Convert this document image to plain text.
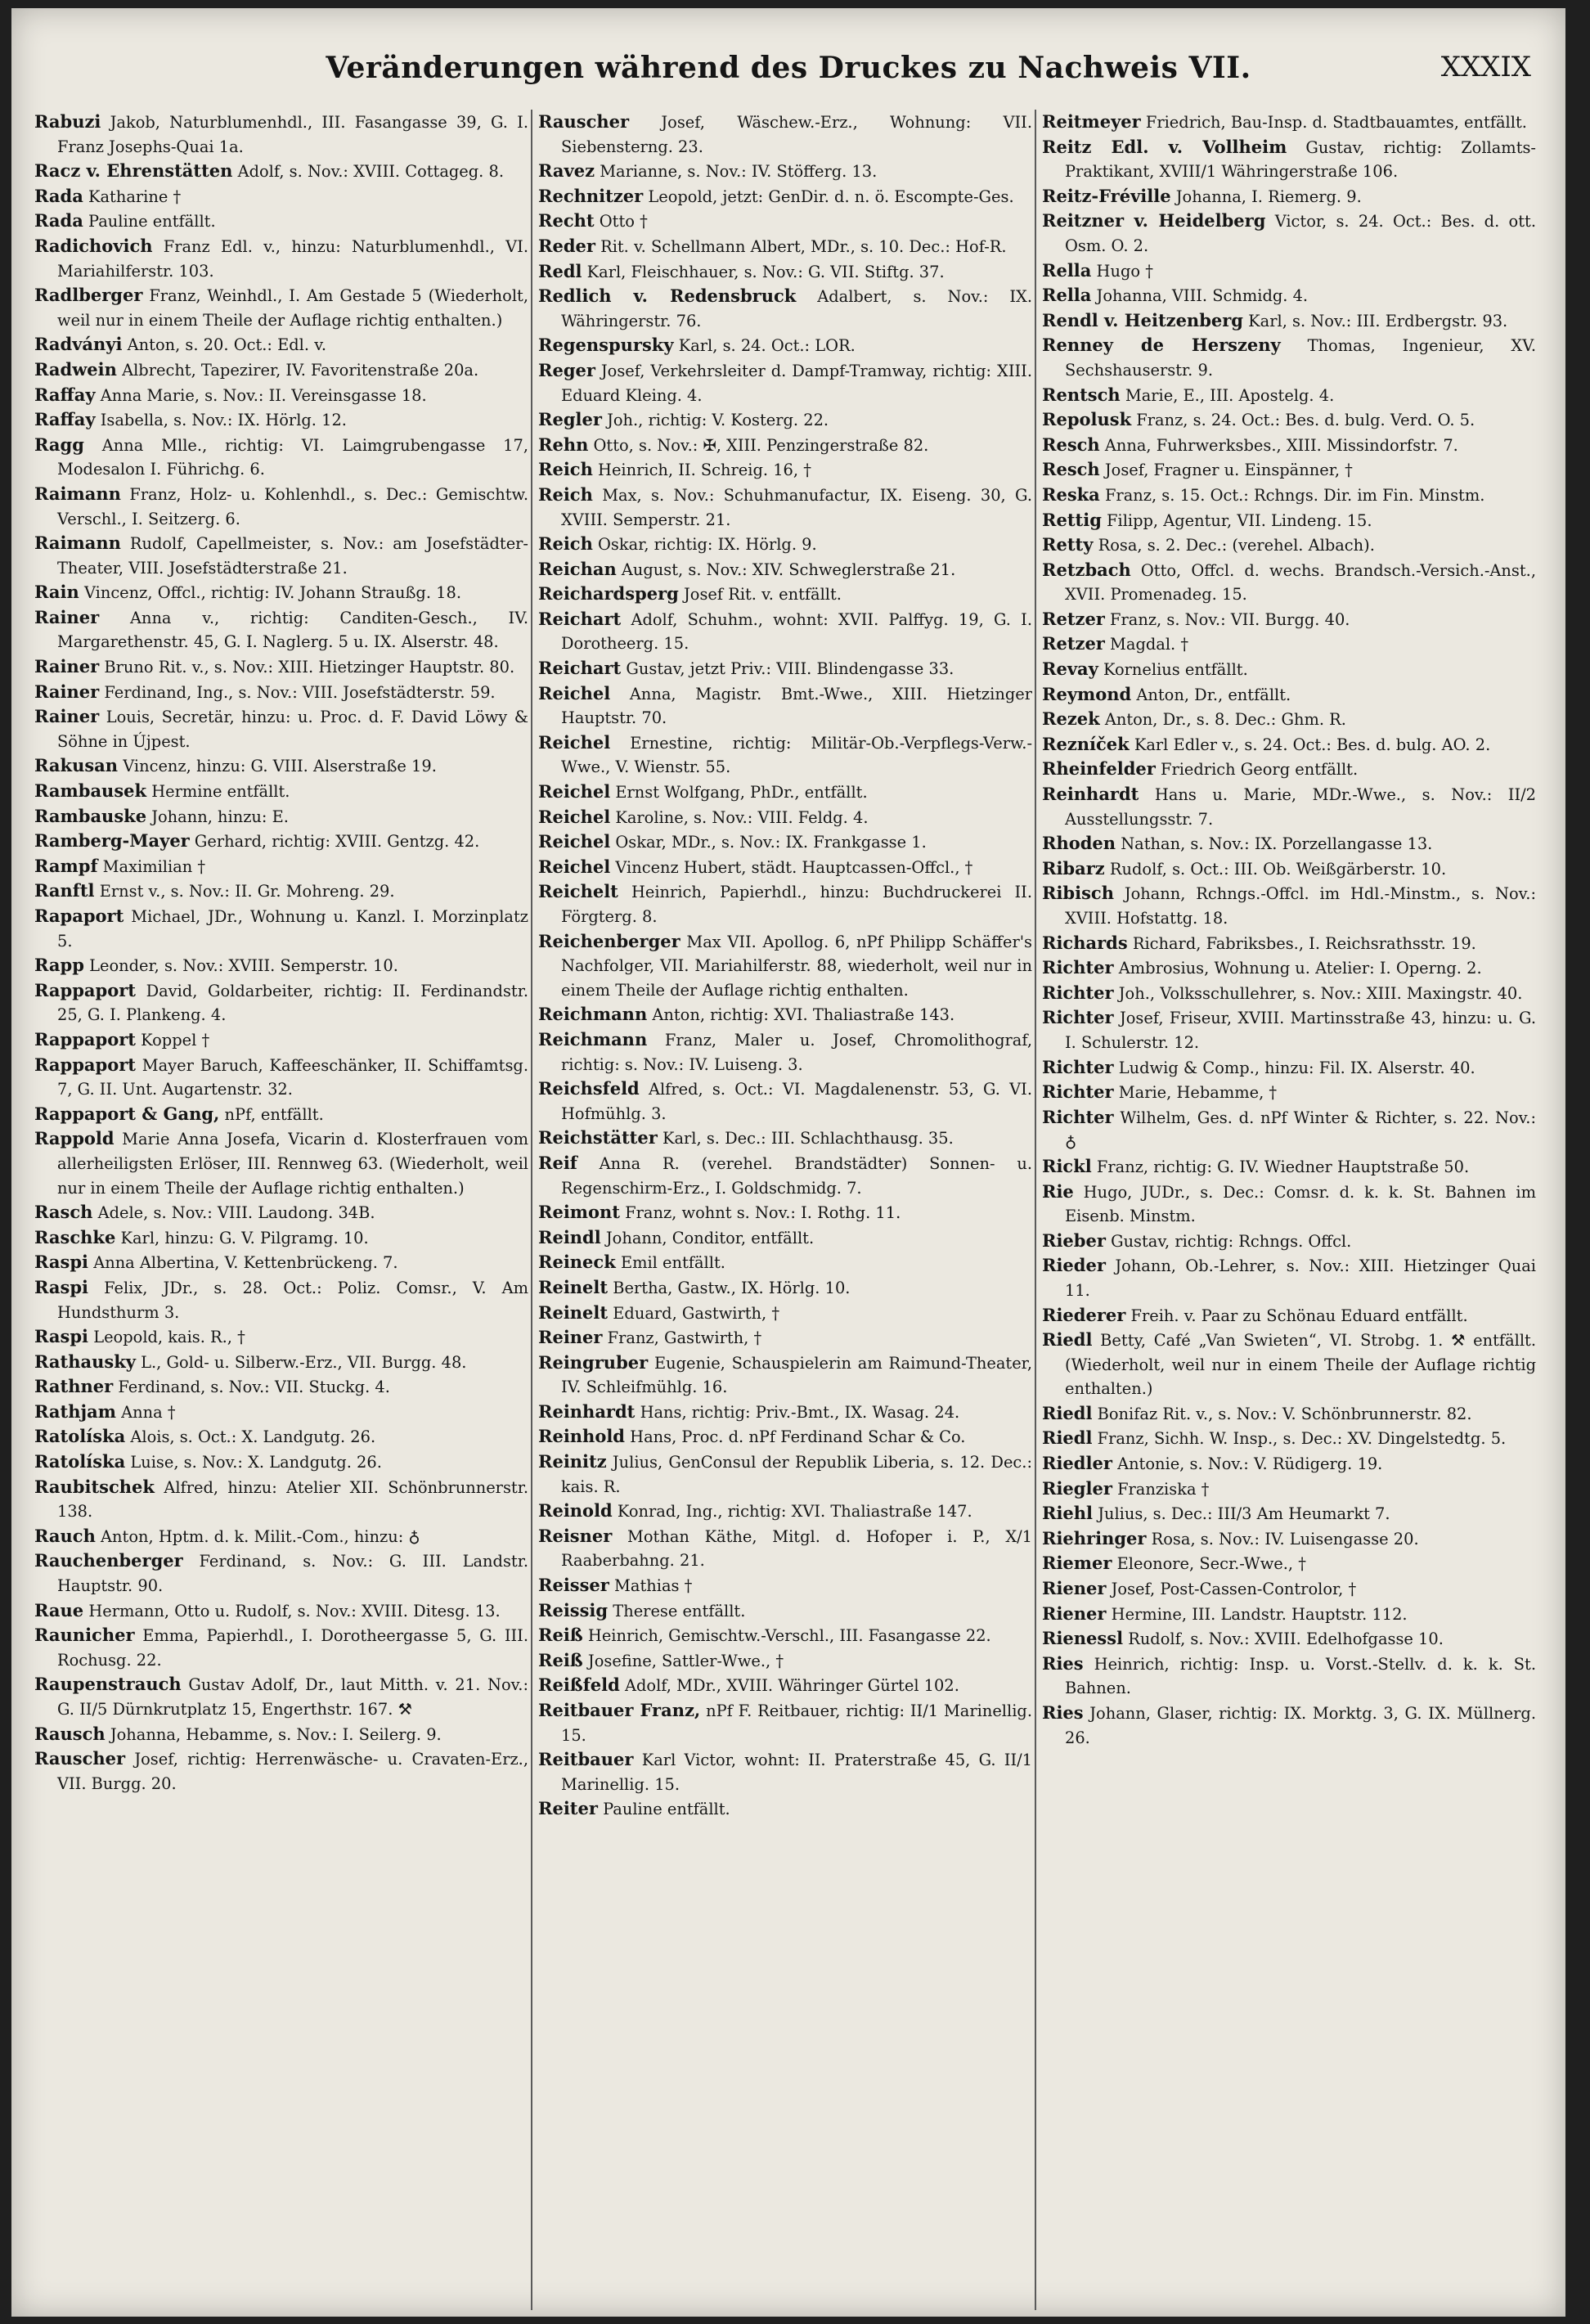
Veränderungen während des Druckes zu Nachweis VII.	XXXIX

Rabuzi Jakob, Naturblumenhdl., III. Fasangasse 39, G. I. Franz Josephs-Quai 1a.

Racz v. Ehrenstätten Adolf, s. Nov.: XVIII. Cottageg. 8.

Rada Katharine †

Rada Pauline entfällt.

Radichovich Franz Edl. v., hinzu: Naturblumenhdl., VI. Mariahilferstr. 103.

Radlberger Franz, Weinhdl., I. Am Gestade 5 (Wiederholt, weil nur in einem Theile der Auflage richtig enthalten.)

Radványi Anton, s. 20. Oct.: Edl. v.

Radwein Albrecht, Tapezirer, IV. Favoritenstraße 20a.

Raffay Anna Marie, s. Nov.: II. Vereinsgasse 18.

Raffay Isabella, s. Nov.: IX. Hörlg. 12.

Ragg Anna Mlle., richtig: VI. Laimgrubengasse 17, Modesalon I. Führichg. 6.

Raimann Franz, Holz- u. Kohlenhdl., s. Dec.: Gemischtw. Verschl., I. Seitzerg. 6.

Raimann Rudolf, Capellmeister, s. Nov.: am Josefstädter-Theater, VIII. Josefstädterstraße 21.

Rain Vincenz, Offcl., richtig: IV. Johann Straußg. 18.

Rainer Anna v., richtig: Canditen-Gesch., IV. Margarethenstr. 45, G. I. Naglerg. 5 u. IX. Alserstr. 48.

Rainer Bruno Rit. v., s. Nov.: XIII. Hietzinger Hauptstr. 80.

Rainer Ferdinand, Ing., s. Nov.: VIII. Josefstädterstr. 59.

Rainer Louis, Secretär, hinzu: u. Proc. d. F. David Löwy & Söhne in Újpest.

Rakusan Vincenz, hinzu: G. VIII. Alserstraße 19.

Rambausek Hermine entfällt.

Rambauske Johann, hinzu: E.

Ramberg-Mayer Gerhard, richtig: XVIII. Gentzg. 42.

Rampf Maximilian †

Ranftl Ernst v., s. Nov.: II. Gr. Mohreng. 29.

Rapaport Michael, JDr., Wohnung u. Kanzl. I. Morzinplatz 5.

Rapp Leonder, s. Nov.: XVIII. Semperstr. 10.

Rappaport David, Goldarbeiter, richtig: II. Ferdinandstr. 25, G. I. Plankeng. 4.

Rappaport Koppel †

Rappaport Mayer Baruch, Kaffeeschänker, II. Schiffamtsg. 7, G. II. Unt. Augartenstr. 32.

Rappaport & Gang, nPf, entfällt.

Rappold Marie Anna Josefa, Vicarin d. Klosterfrauen vom allerheiligsten Erlöser, III. Rennweg 63. (Wiederholt, weil nur in einem Theile der Auflage richtig enthalten.)

Rasch Adele, s. Nov.: VIII. Laudong. 34B.

Raschke Karl, hinzu: G. V. Pilgramg. 10.

Raspi Anna Albertina, V. Kettenbrückeng. 7.

Raspi Felix, JDr., s. 28. Oct.: Poliz. Comsr., V. Am Hundsthurm 3.

Raspi Leopold, kais. R., †

Rathausky L., Gold- u. Silberw.-Erz., VII. Burgg. 48.

Rathner Ferdinand, s. Nov.: VII. Stuckg. 4.

Rathjam Anna †

Ratolíska Alois, s. Oct.: X. Landgutg. 26.

Ratolíska Luise, s. Nov.: X. Landgutg. 26.

Raubitschek Alfred, hinzu: Atelier XII. Schönbrunnerstr. 138.

Rauch Anton, Hptm. d. k. Milit.-Com., hinzu: ♁

Rauchenberger Ferdinand, s. Nov.: G. III. Landstr. Hauptstr. 90.

Raue Hermann, Otto u. Rudolf, s. Nov.: XVIII. Ditesg. 13.

Raunicher Emma, Papierhdl., I. Dorotheergasse 5, G. III. Rochusg. 22.

Raupenstrauch Gustav Adolf, Dr., laut Mitth. v. 21. Nov.: G. II/5 Dürnkrutplatz 15, Engerthstr. 167. ⚒

Rausch Johanna, Hebamme, s. Nov.: I. Seilerg. 9.

Rauscher Josef, richtig: Herrenwäsche- u. Cravaten-Erz., VII. Burgg. 20.

Rauscher Josef, Wäschew.-Erz., Wohnung: VII. Siebensterng. 23.

Ravez Marianne, s. Nov.: IV. Stöfferg. 13.

Rechnitzer Leopold, jetzt: GenDir. d. n. ö. Escompte-Ges.

Recht Otto †

Reder Rit. v. Schellmann Albert, MDr., s. 10. Dec.: Hof-R.

Redl Karl, Fleischhauer, s. Nov.: G. VII. Stiftg. 37.

Redlich v. Redensbruck Adalbert, s. Nov.: IX. Währingerstr. 76.

Regenspursky Karl, s. 24. Oct.: LOR.

Reger Josef, Verkehrsleiter d. Dampf-Tramway, richtig: XIII. Eduard Kleing. 4.

Regler Joh., richtig: V. Kosterg. 22.

Rehn Otto, s. Nov.: ✠, XIII. Penzingerstraße 82.

Reich Heinrich, II. Schreig. 16, †

Reich Max, s. Nov.: Schuhmanufactur, IX. Eiseng. 30, G. XVIII. Semperstr. 21.

Reich Oskar, richtig: IX. Hörlg. 9.

Reichan August, s. Nov.: XIV. Schweglerstraße 21.

Reichardsperg Josef Rit. v. entfällt.

Reichart Adolf, Schuhm., wohnt: XVII. Palffyg. 19, G. I. Dorotheerg. 15.

Reichart Gustav, jetzt Priv.: VIII. Blindengasse 33.

Reichel Anna, Magistr. Bmt.-Wwe., XIII. Hietzinger Hauptstr. 70.

Reichel Ernestine, richtig: Militär-Ob.-Verpflegs-Verw.-Wwe., V. Wienstr. 55.

Reichel Ernst Wolfgang, PhDr., entfällt.

Reichel Karoline, s. Nov.: VIII. Feldg. 4.

Reichel Oskar, MDr., s. Nov.: IX. Frankgasse 1.

Reichel Vincenz Hubert, städt. Hauptcassen-Offcl., †

Reichelt Heinrich, Papierhdl., hinzu: Buchdruckerei II. Förgterg. 8.

Reichenberger Max VII. Apollog. 6, nPf Philipp Schäffer's Nachfolger, VII. Mariahilferstr. 88, wiederholt, weil nur in einem Theile der Auflage richtig enthalten.

Reichmann Anton, richtig: XVI. Thaliastraße 143.

Reichmann Franz, Maler u. Josef, Chromolithograf, richtig: s. Nov.: IV. Luiseng. 3.

Reichsfeld Alfred, s. Oct.: VI. Magdalenenstr. 53, G. VI. Hofmühlg. 3.

Reichstätter Karl, s. Dec.: III. Schlachthausg. 35.

Reif Anna R. (verehel. Brandstädter) Sonnen- u. Regenschirm-Erz., I. Goldschmidg. 7.

Reimont Franz, wohnt s. Nov.: I. Rothg. 11.

Reindl Johann, Conditor, entfällt.

Reineck Emil entfällt.

Reinelt Bertha, Gastw., IX. Hörlg. 10.

Reinelt Eduard, Gastwirth, †

Reiner Franz, Gastwirth, †

Reingruber Eugenie, Schauspielerin am Raimund-Theater, IV. Schleifmühlg. 16.

Reinhardt Hans, richtig: Priv.-Bmt., IX. Wasag. 24.

Reinhold Hans, Proc. d. nPf Ferdinand Schar & Co.

Reinitz Julius, GenConsul der Republik Liberia, s. 12. Dec.: kais. R.

Reinold Konrad, Ing., richtig: XVI. Thaliastraße 147.

Reisner Mothan Käthe, Mitgl. d. Hofoper i. P., X/1 Raaberbahng. 21.

Reisser Mathias †

Reissig Therese entfällt.

Reiß Heinrich, Gemischtw.-Verschl., III. Fasangasse 22.

Reiß Josefine, Sattler-Wwe., †

Reißfeld Adolf, MDr., XVIII. Währinger Gürtel 102.

Reitbauer Franz, nPf F. Reitbauer, richtig: II/1 Marinellig. 15.

Reitbauer Karl Victor, wohnt: II. Praterstraße 45, G. II/1 Marinellig. 15.

Reiter Pauline entfällt.

Reitmeyer Friedrich, Bau-Insp. d. Stadtbauamtes, entfällt.

Reitz Edl. v. Vollheim Gustav, richtig: Zollamts-Praktikant, XVIII/1 Währingerstraße 106.

Reitz-Fréville Johanna, I. Riemerg. 9.

Reitzner v. Heidelberg Victor, s. 24. Oct.: Bes. d. ott. Osm. O. 2.

Rella Hugo †

Rella Johanna, VIII. Schmidg. 4.

Rendl v. Heitzenberg Karl, s. Nov.: III. Erdbergstr. 93.

Renney de Herszeny Thomas, Ingenieur, XV. Sechshauserstr. 9.

Rentsch Marie, E., III. Apostelg. 4.

Repolusk Franz, s. 24. Oct.: Bes. d. bulg. Verd. O. 5.

Resch Anna, Fuhrwerksbes., XIII. Missindorfstr. 7.

Resch Josef, Fragner u. Einspänner, †

Reska Franz, s. 15. Oct.: Rchngs. Dir. im Fin. Minstm.

Rettig Filipp, Agentur, VII. Lindeng. 15.

Retty Rosa, s. 2. Dec.: (verehel. Albach).

Retzbach Otto, Offcl. d. wechs. Brandsch.-Versich.-Anst., XVII. Promenadeg. 15.

Retzer Franz, s. Nov.: VII. Burgg. 40.

Retzer Magdal. †

Revay Kornelius entfällt.

Reymond Anton, Dr., entfällt.

Rezek Anton, Dr., s. 8. Dec.: Ghm. R.

Rezníček Karl Edler v., s. 24. Oct.: Bes. d. bulg. AO. 2.

Rheinfelder Friedrich Georg entfällt.

Reinhardt Hans u. Marie, MDr.-Wwe., s. Nov.: II/2 Ausstellungsstr. 7.

Rhoden Nathan, s. Nov.: IX. Porzellangasse 13.

Ribarz Rudolf, s. Oct.: III. Ob. Weißgärberstr. 10.

Ribisch Johann, Rchngs.-Offcl. im Hdl.-Minstm., s. Nov.: XVIII. Hofstattg. 18.

Richards Richard, Fabriksbes., I. Reichsrathsstr. 19.

Richter Ambrosius, Wohnung u. Atelier: I. Operng. 2.

Richter Joh., Volksschullehrer, s. Nov.: XIII. Maxingstr. 40.

Richter Josef, Friseur, XVIII. Martinsstraße 43, hinzu: u. G. I. Schulerstr. 12.

Richter Ludwig & Comp., hinzu: Fil. IX. Alserstr. 40.

Richter Marie, Hebamme, †

Richter Wilhelm, Ges. d. nPf Winter & Richter, s. 22. Nov.: ♁

Rickl Franz, richtig: G. IV. Wiedner Hauptstraße 50.

Rie Hugo, JUDr., s. Dec.: Comsr. d. k. k. St. Bahnen im Eisenb. Minstm.

Rieber Gustav, richtig: Rchngs. Offcl.

Rieder Johann, Ob.-Lehrer, s. Nov.: XIII. Hietzinger Quai 11.

Riederer Freih. v. Paar zu Schönau Eduard entfällt.

Riedl Betty, Café „Van Swieten“, VI. Strobg. 1. ⚒ entfällt. (Wiederholt, weil nur in einem Theile der Auflage richtig enthalten.)

Riedl Bonifaz Rit. v., s. Nov.: V. Schönbrunnerstr. 82.

Riedl Franz, Sichh. W. Insp., s. Dec.: XV. Dingelstedtg. 5.

Riedler Antonie, s. Nov.: V. Rüdigerg. 19.

Riegler Franziska †

Riehl Julius, s. Dec.: III/3 Am Heumarkt 7.

Riehringer Rosa, s. Nov.: IV. Luisengasse 20.

Riemer Eleonore, Secr.-Wwe., †

Riener Josef, Post-Cassen-Controlor, †

Riener Hermine, III. Landstr. Hauptstr. 112.

Rienessl Rudolf, s. Nov.: XVIII. Edelhofgasse 10.

Ries Heinrich, richtig: Insp. u. Vorst.-Stellv. d. k. k. St. Bahnen.

Ries Johann, Glaser, richtig: IX. Morktg. 3, G. IX. Müllnerg. 26.
